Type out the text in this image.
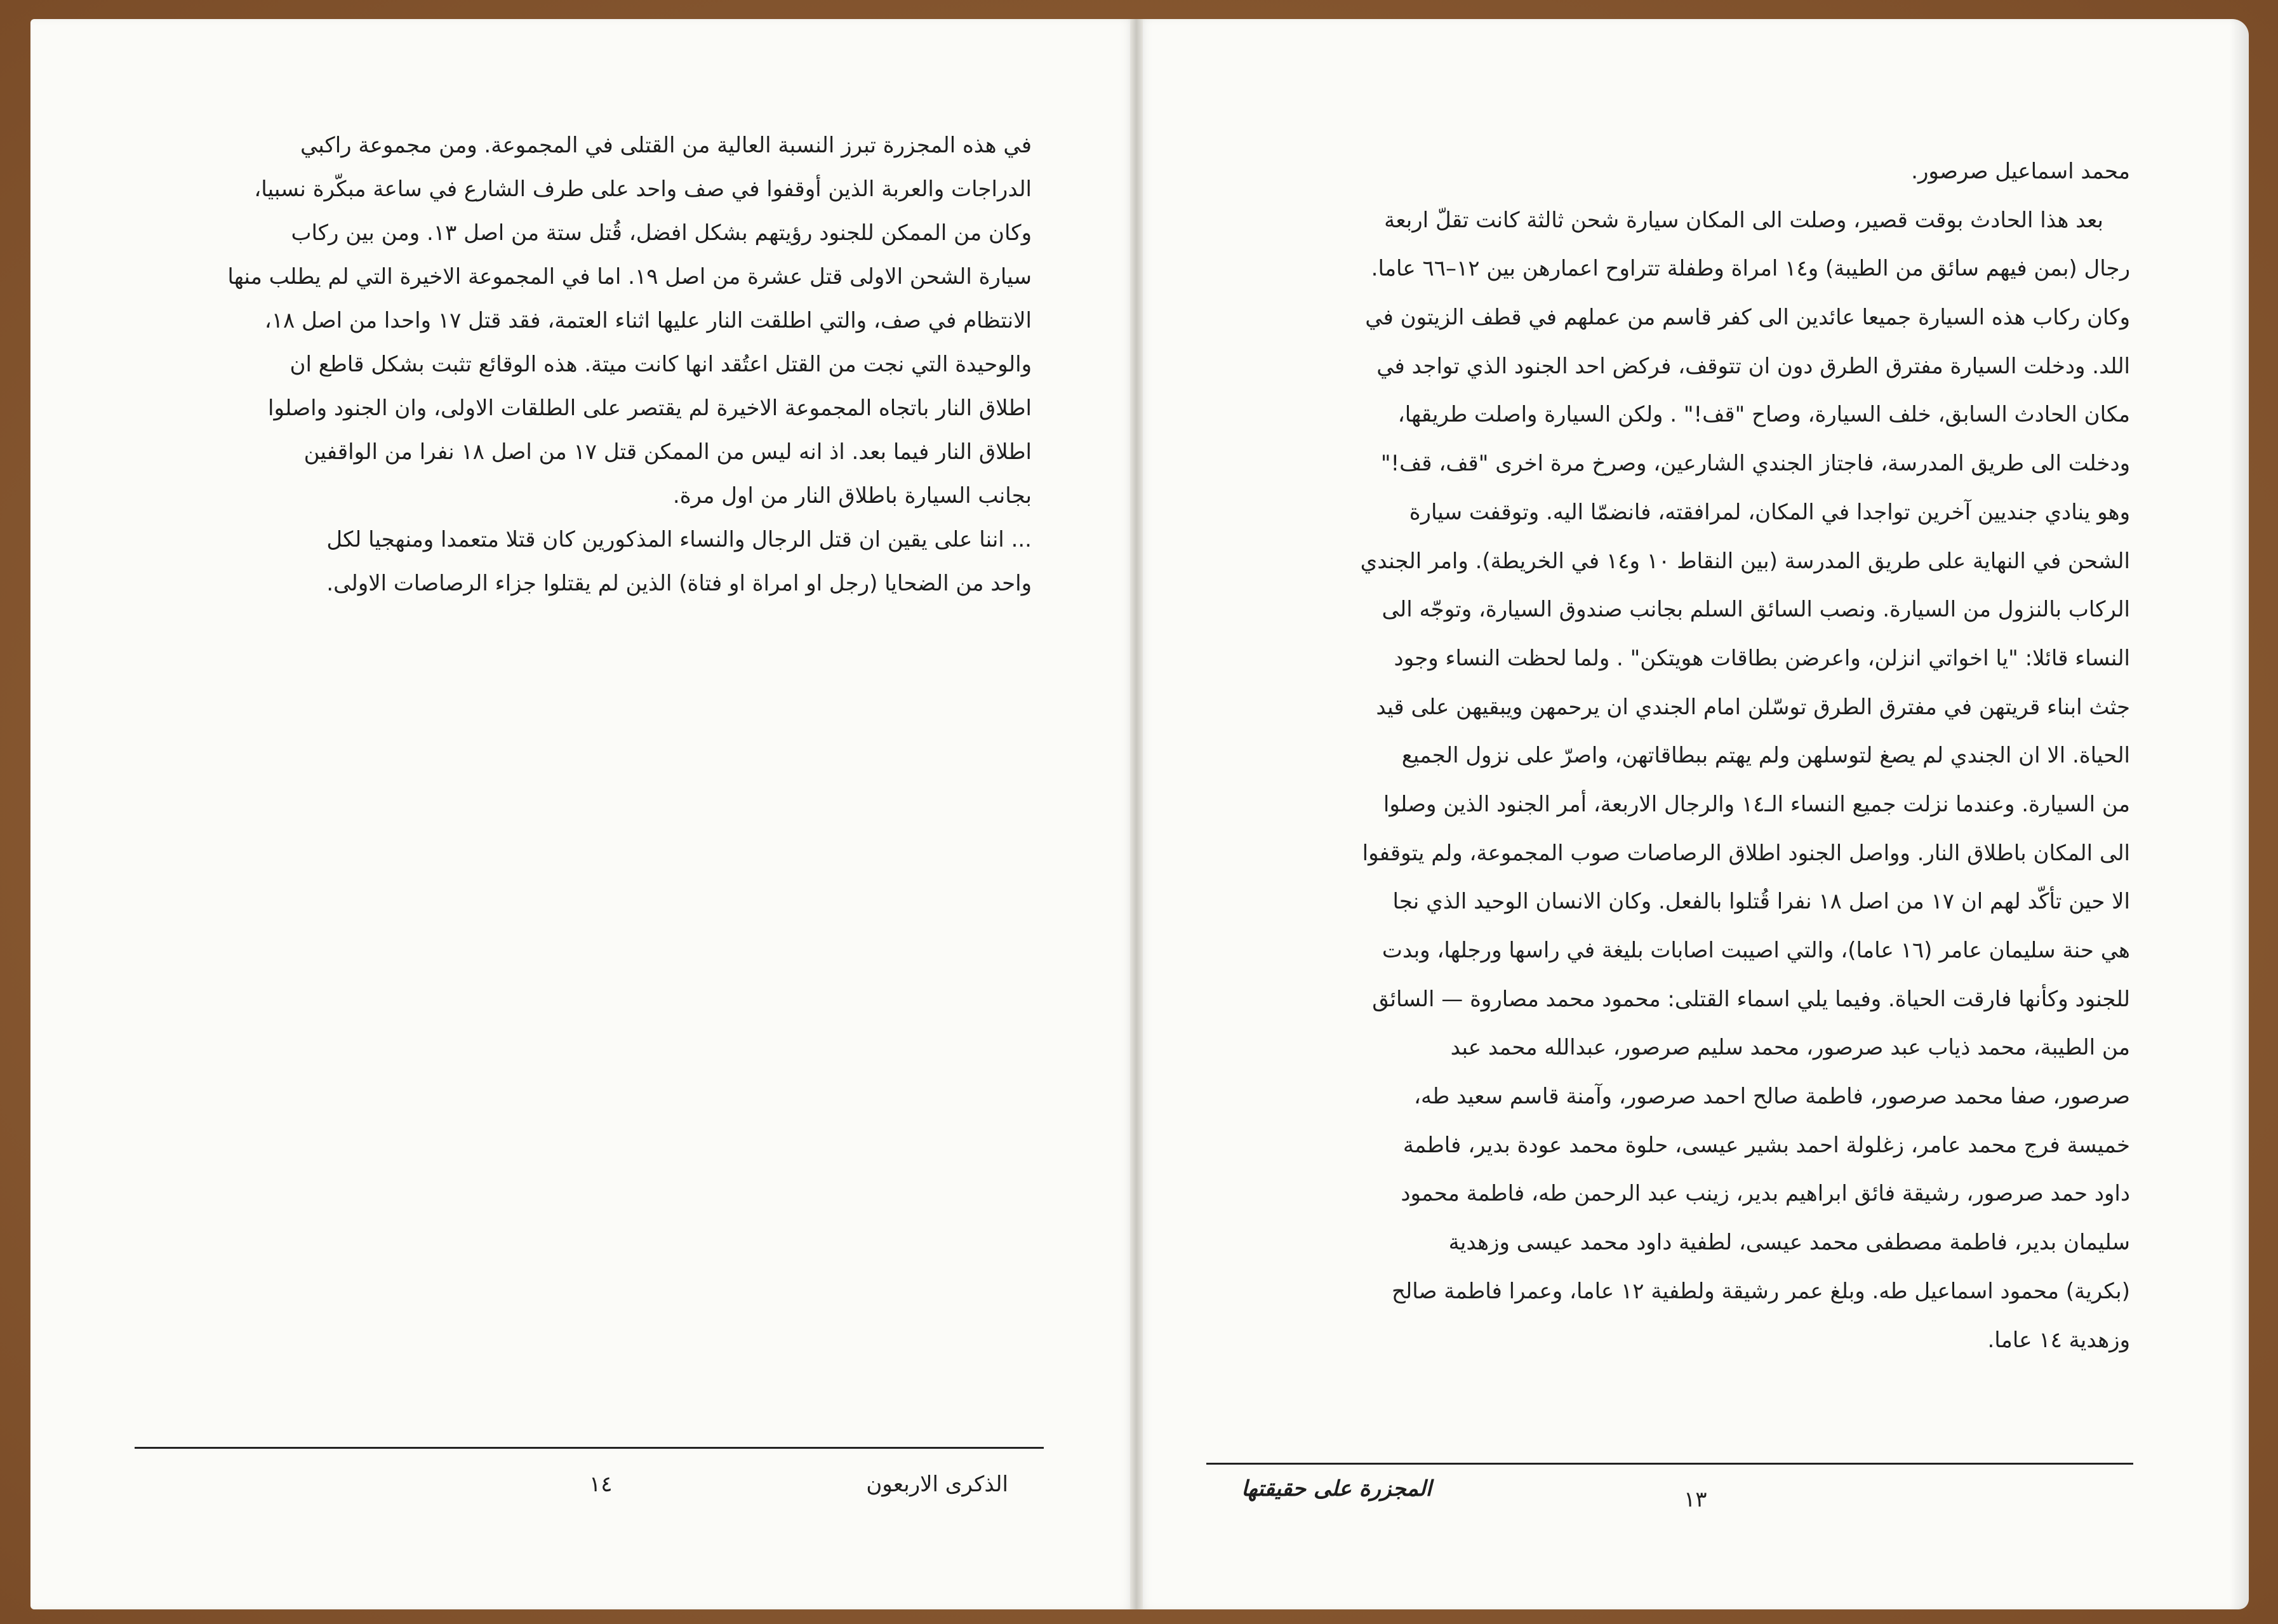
في هذه المجزرة تبرز النسبة العالية من القتلى في المجموعة. ومن مجموعة راكبي
الدراجات والعربة الذين أوقفوا في صف واحد على طرف الشارع في ساعة مبكّرة نسبيا،
وكان من الممكن للجنود رؤيتهم بشكل افضل، قُتل ستة من اصل ١٣. ومن بين ركاب
سيارة الشحن الاولى قتل عشرة من اصل ١٩. اما في المجموعة الاخيرة التي لم يطلب منها
الانتظام في صف، والتي اطلقت النار عليها اثناء العتمة، فقد قتل ١٧ واحدا من اصل ١٨،
والوحيدة التي نجت من القتل اعتُقد انها كانت ميتة. هذه الوقائع تثبت بشكل قاطع ان
اطلاق النار باتجاه المجموعة الاخيرة لم يقتصر على الطلقات الاولى، وان الجنود واصلوا
اطلاق النار فيما بعد. اذ انه ليس من الممكن قتل ١٧ من اصل ١٨ نفرا من الواقفين
بجانب السيارة باطلاق النار من اول مرة.
... اننا على يقين ان قتل الرجال والنساء المذكورين كان قتلا متعمدا ومنهجيا لكل
واحد من الضحايا (رجل او امراة او فتاة) الذين لم يقتلوا جزاء الرصاصات الاولى.
الذكرى الاربعون
١٤
محمد اسماعيل صرصور.
بعد هذا الحادث بوقت قصير، وصلت الى المكان سيارة شحن ثالثة كانت تقلّ اربعة
رجال (بمن فيهم سائق من الطيبة) و١٤ امراة وطفلة تتراوح اعمارهن بين ١٢–٦٦ عاما.
وكان ركاب هذه السيارة جميعا عائدين الى كفر قاسم من عملهم في قطف الزيتون في
اللد. ودخلت السيارة مفترق الطرق دون ان تتوقف، فركض احد الجنود الذي تواجد في
مكان الحادث السابق، خلف السيارة، وصاح "قف!" . ولكن السيارة واصلت طريقها،
ودخلت الى طريق المدرسة، فاجتاز الجندي الشارعين، وصرخ مرة اخرى "قف، قف!"
وهو ينادي جنديين آخرين تواجدا في المكان، لمرافقته، فانضمّا اليه. وتوقفت سيارة
الشحن في النهاية على طريق المدرسة (بين النقاط ١٠ و١٤ في الخريطة). وامر الجندي
الركاب بالنزول من السيارة. ونصب السائق السلم بجانب صندوق السيارة، وتوجّه الى
النساء قائلا: "يا اخواتي انزلن، واعرضن بطاقات هويتكن" . ولما لحظت النساء وجود
جثث ابناء قريتهن في مفترق الطرق توسّلن امام الجندي ان يرحمهن ويبقيهن على قيد
الحياة. الا ان الجندي لم يصغ لتوسلهن ولم يهتم ببطاقاتهن، واصرّ على نزول الجميع
من السيارة. وعندما نزلت جميع النساء الـ١٤ والرجال الاربعة، أمر الجنود الذين وصلوا
الى المكان باطلاق النار. وواصل الجنود اطلاق الرصاصات صوب المجموعة، ولم يتوقفوا
الا حين تأكّد لهم ان ١٧ من اصل ١٨ نفرا قُتلوا بالفعل. وكان الانسان الوحيد الذي نجا
هي حنة سليمان عامر (١٦ عاما)، والتي اصيبت اصابات بليغة في راسها ورجلها، وبدت
للجنود وكأنها فارقت الحياة. وفيما يلي اسماء القتلى: محمود محمد مصاروة — السائق
من الطيبة، محمد ذياب عبد صرصور، محمد سليم صرصور، عبدالله محمد عبد
صرصور، صفا محمد صرصور، فاطمة صالح احمد صرصور، وآمنة قاسم سعيد طه،
خميسة فرج محمد عامر، زغلولة احمد بشير عيسى، حلوة محمد عودة بدير، فاطمة
داود حمد صرصور، رشيقة فائق ابراهيم بدير، زينب عبد الرحمن طه، فاطمة محمود
سليمان بدير، فاطمة مصطفى محمد عيسى، لطفية داود محمد عيسى وزهدية
(بكرية) محمود اسماعيل طه. وبلغ عمر رشيقة ولطفية ١٢ عاما، وعمرا فاطمة صالح
وزهدية ١٤ عاما.
المجزرة على حقيقتها	١٣
